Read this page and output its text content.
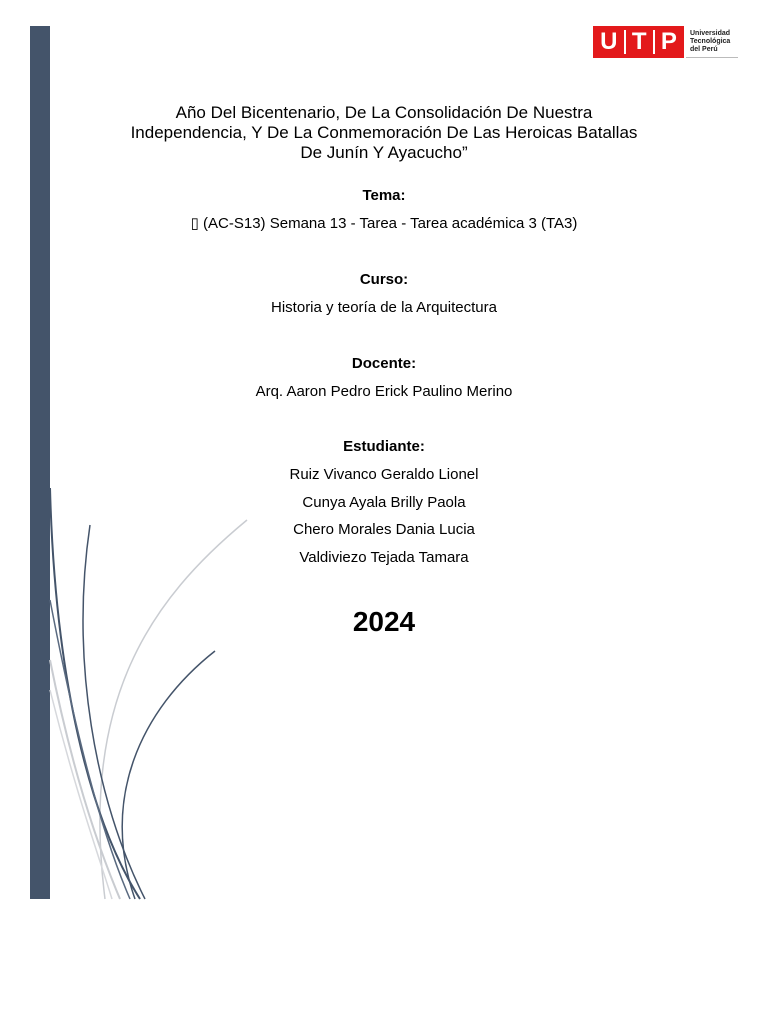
U T P Universidad
Tecnológica
del Perú
Año Del Bicentenario, De La Consolidación De Nuestra
Independencia, Y De La Conmemoración De Las Heroicas Batallas
De Junín Y Ayacucho”
Tema:
▯ (AC-S13) Semana 13 - Tarea - Tarea académica 3 (TA3)
Curso:
Historia y teoría de la Arquitectura
Docente:
Arq. Aaron Pedro Erick Paulino Merino
Estudiante:
Ruiz Vivanco Geraldo Lionel
Cunya Ayala Brilly Paola
Chero Morales Dania Lucia
Valdiviezo Tejada Tamara
2024
